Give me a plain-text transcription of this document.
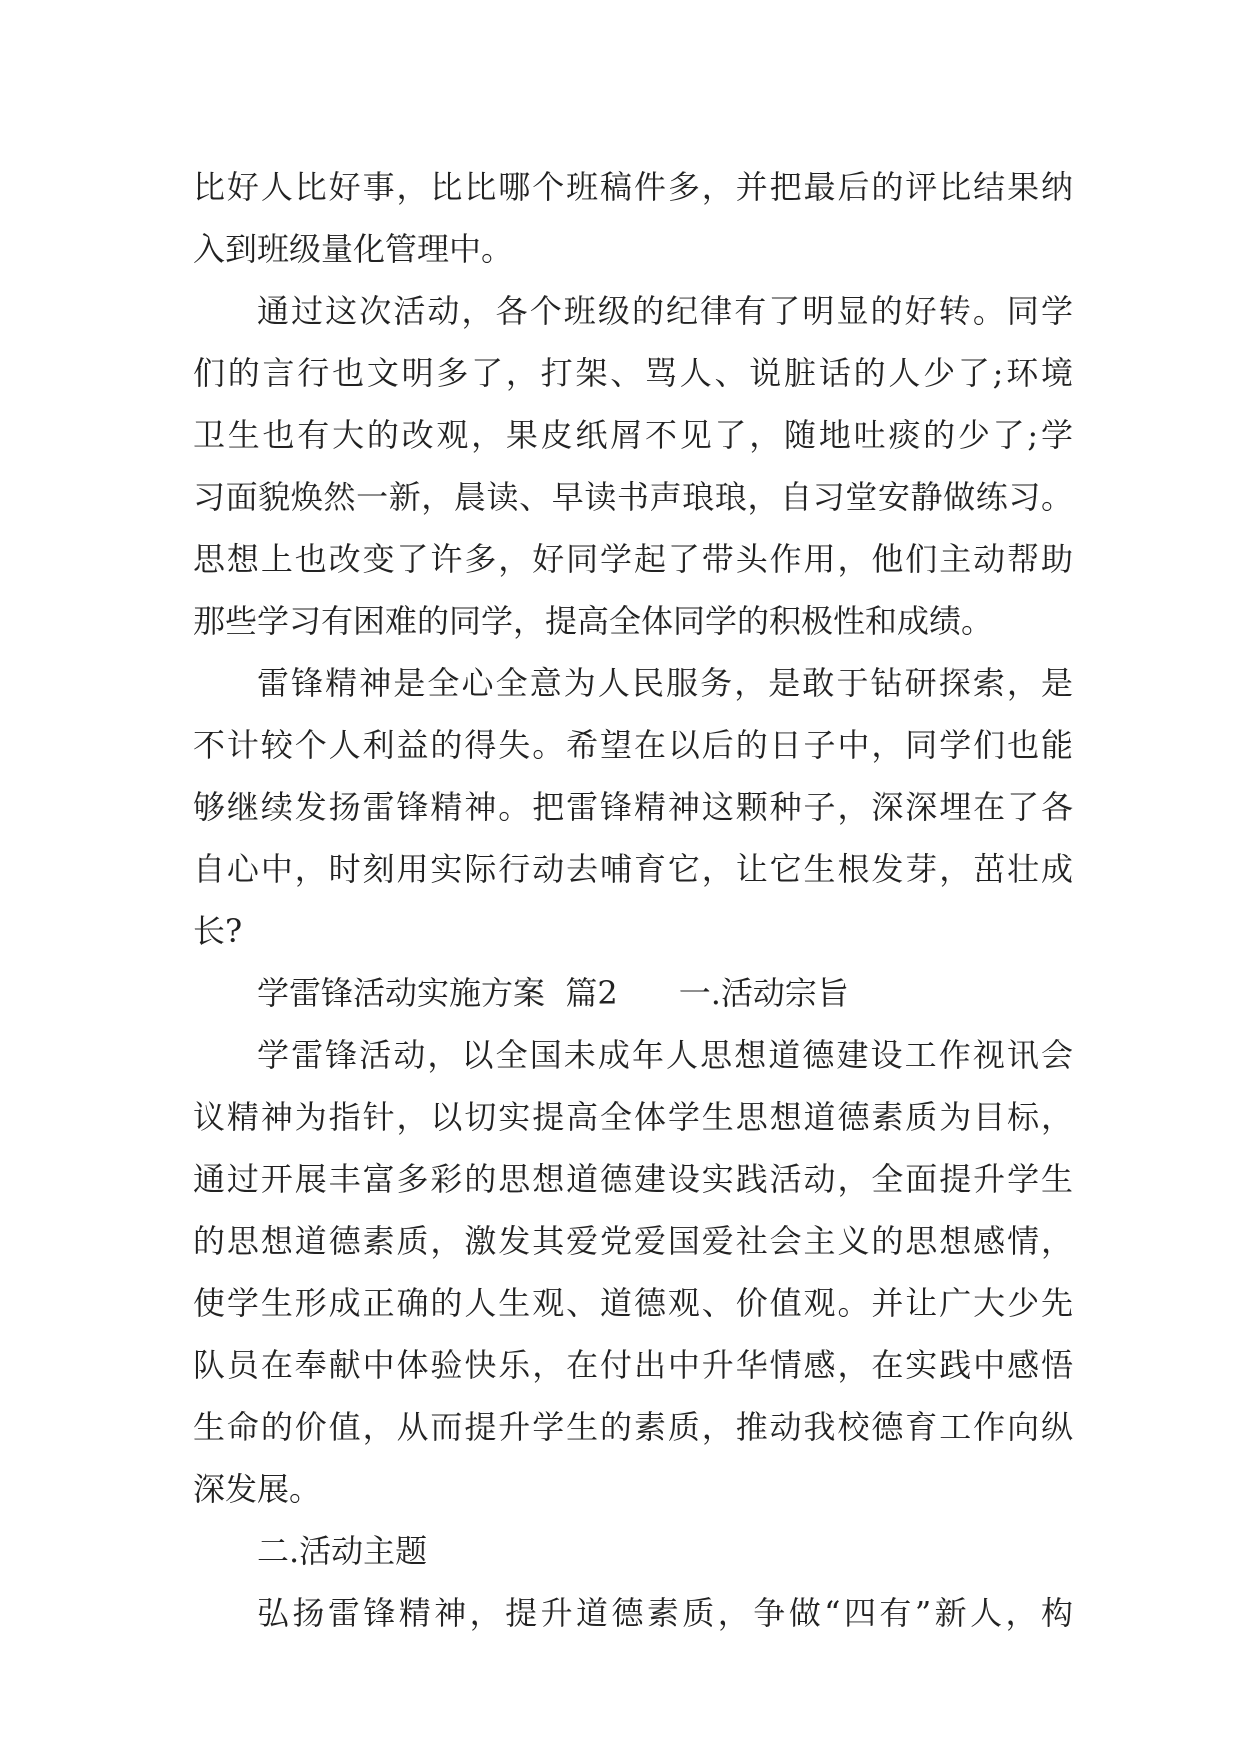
比好人比好事，比比哪个班稿件多，并把最后的评比结果纳

入到班级量化管理中。

通过这次活动，各个班级的纪律有了明显的好转。同学

们的言行也文明多了，打架、骂人、说脏话的人少了;环境

卫生也有大的改观，果皮纸屑不见了，随地吐痰的少了;学

习面貌焕然一新，晨读、早读书声琅琅，自习堂安静做练习。

思想上也改变了许多，好同学起了带头作用，他们主动帮助

那些学习有困难的同学，提高全体同学的积极性和成绩。

雷锋精神是全心全意为人民服务，是敢于钻研探索，是

不计较个人利益的得失。希望在以后的日子中，同学们也能

够继续发扬雷锋精神。把雷锋精神这颗种子，深深埋在了各

自心中，时刻用实际行动去哺育它，让它生根发芽，茁壮成

长?

学雷锋活动实施方案  篇2      一.活动宗旨

学雷锋活动，以全国未成年人思想道德建设工作视讯会

议精神为指针，以切实提高全体学生思想道德素质为目标，

通过开展丰富多彩的思想道德建设实践活动，全面提升学生

的思想道德素质，激发其爱党爱国爱社会主义的思想感情，

使学生形成正确的人生观、道德观、价值观。并让广大少先

队员在奉献中体验快乐，在付出中升华情感，在实践中感悟

生命的价值，从而提升学生的素质，推动我校德育工作向纵

深发展。

二.活动主题

弘扬雷锋精神，提升道德素质，争做“四有”新人，构
